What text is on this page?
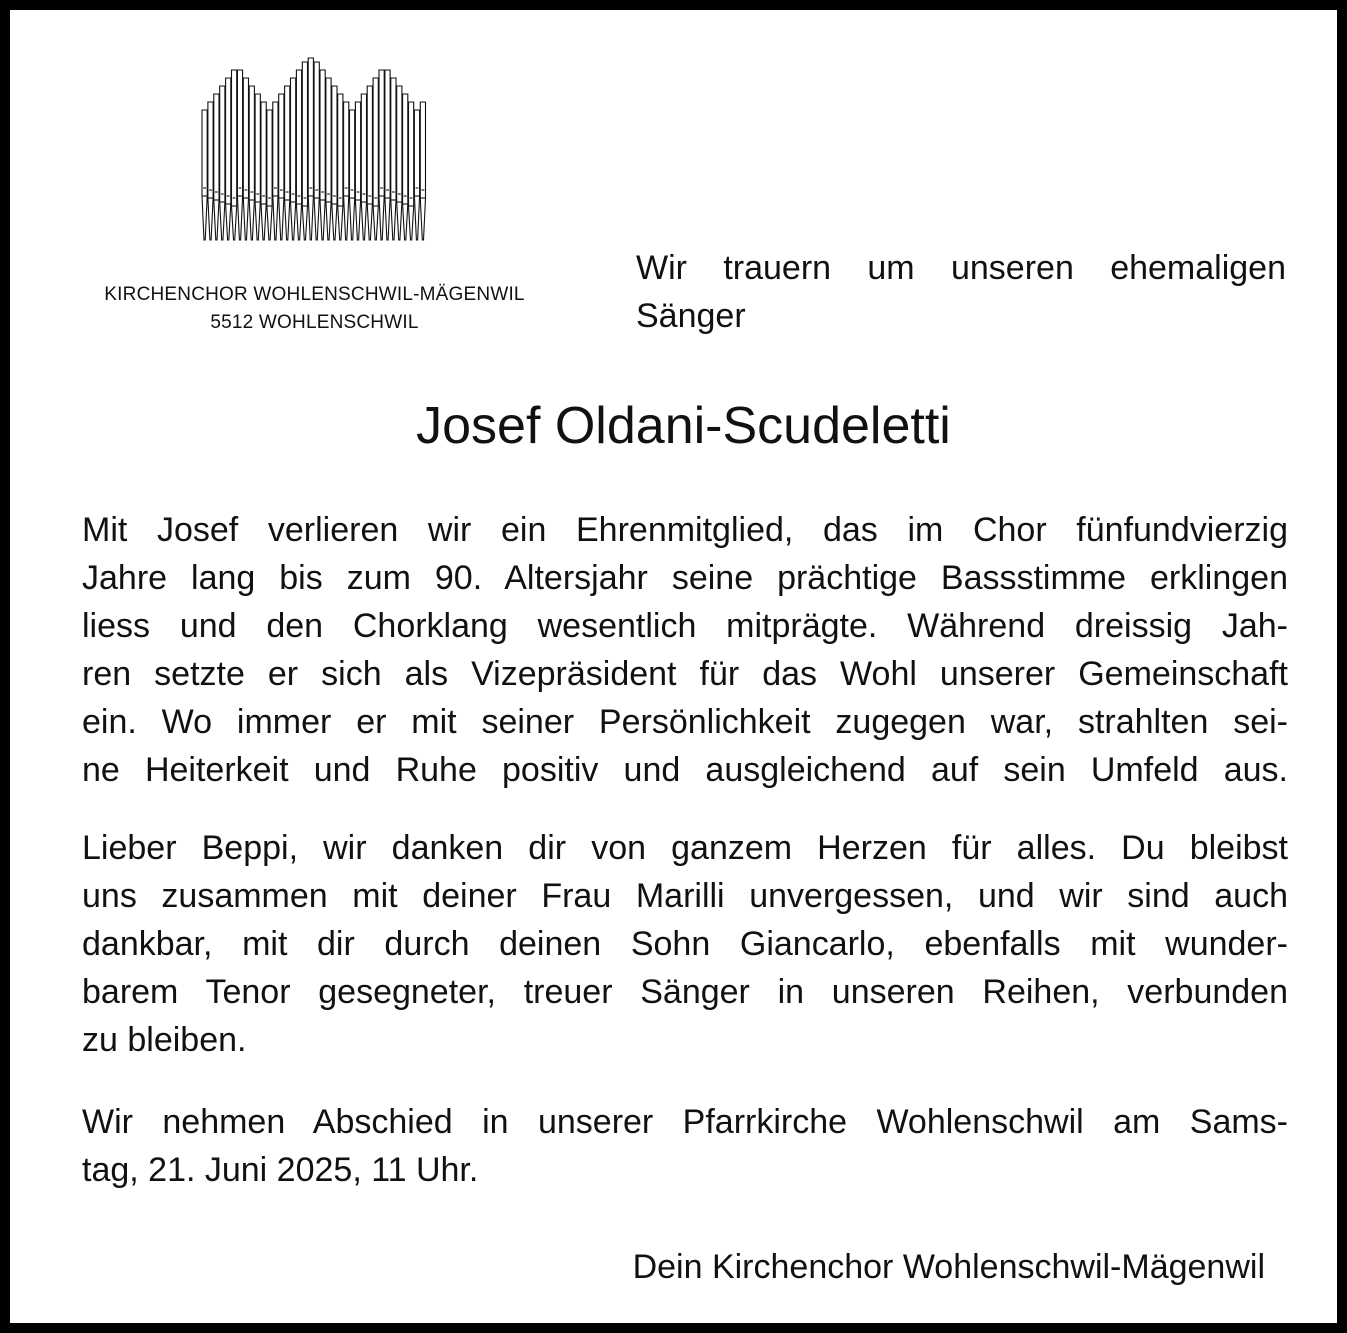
KIRCHENCHOR WOHLENSCHWIL-MÄGENWIL
5512 WOHLENSCHWIL
Wir trauern um unseren ehemaligen
Sänger
Josef Oldani-Scudeletti
Mit Josef verlieren wir ein Ehrenmitglied, das im Chor fünfundvierzig
Jahre lang bis zum 90. Altersjahr seine prächtige Bassstimme erklingen
liess und den Chorklang wesentlich mitprägte. Während dreissig Jah-
ren setzte er sich als Vizepräsident für das Wohl unserer Gemeinschaft
ein. Wo immer er mit seiner Persönlichkeit zugegen war, strahlten sei-
ne Heiterkeit und Ruhe positiv und ausgleichend auf sein Umfeld aus.
Lieber Beppi, wir danken dir von ganzem Herzen für alles. Du bleibst
uns zusammen mit deiner Frau Marilli unvergessen, und wir sind auch
dankbar, mit dir durch deinen Sohn Giancarlo, ebenfalls mit wunder-
barem Tenor gesegneter, treuer Sänger in unseren Reihen, verbunden
zu bleiben.
Wir nehmen Abschied in unserer Pfarrkirche Wohlenschwil am Sams-
tag, 21. Juni 2025, 11 Uhr.
Dein Kirchenchor Wohlenschwil-Mägenwil
